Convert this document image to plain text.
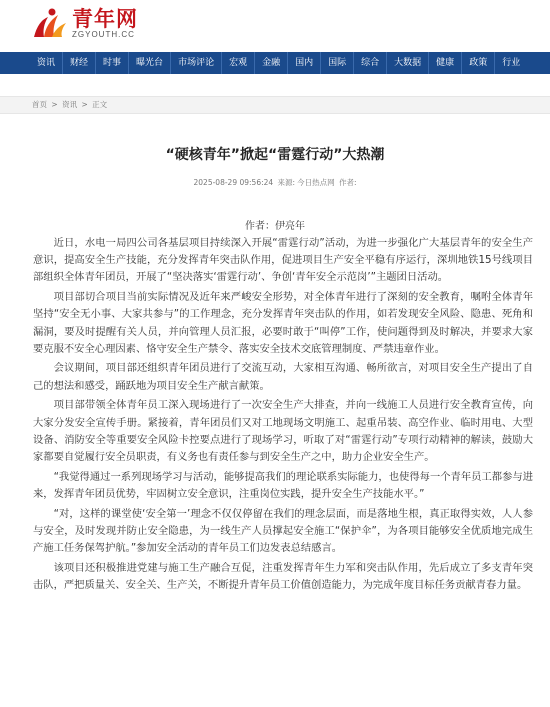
青年网
ZGYOUTH.CC
资讯	财经	时事	曝光台	市场评论	宏观	金融	国内	国际	综合	大数据	健康	政策	行业
首页 > 资讯 > 正文
“硬核青年”掀起“雷霆行动”大热潮
2025-08-29 09:56:24 来源: 今日热点网 作者:
作者：伊亮年

近日，水电一局四公司各基层项目持续深入开展“雷霆行动”活动，为进一步强化广大基层青年的安全生产意识，提高安全生产技能，充分发挥青年突击队作用，促进项目生产安全平稳有序运行，深圳地铁15号线项目部组织全体青年团员，开展了“坚决落实‘雷霆行动’、争创‘青年安全示范岗’”主题团日活动。

项目部切合项目当前实际情况及近年来严峻安全形势，对全体青年进行了深刻的安全教育，嘱咐全体青年坚持“安全无小事、大家共参与”的工作理念，充分发挥青年突击队的作用，如若发现安全风险、隐患、死角和漏洞，要及时提醒有关人员，并向管理人员汇报，必要时敢于“叫停”工作，使问题得到及时解决，并要求大家要克服不安全心理因素、恪守安全生产禁令、落实安全技术交底管理制度、严禁违章作业。

会议期间，项目部还组织青年团员进行了交流互动，大家相互沟通、畅所欲言，对项目安全生产提出了自己的想法和感受，踊跃地为项目安全生产献言献策。

项目部带领全体青年员工深入现场进行了一次安全生产大排查，并向一线施工人员进行安全教育宣传，向大家分发安全宣传手册。紧接着，青年团员们又对工地现场文明施工、起重吊装、高空作业、临时用电、大型设备、消防安全等重要安全风险卡控要点进行了现场学习，听取了对“雷霆行动”专项行动精神的解读，鼓励大家都要自觉履行安全员职责，有义务也有责任参与到安全生产之中，助力企业安全生产。

“我觉得通过一系列现场学习与活动，能够提高我们的理论联系实际能力，也使得每一个青年员工都参与进来，发挥青年团员优势，牢固树立安全意识，注重岗位实践，提升安全生产技能水平。”

“对，这样的课堂使‘安全第一’理念不仅仅停留在我们的理念层面，而是落地生根，真正取得实效，人人参与安全，及时发现并防止安全隐患，为一线生产人员撑起安全施工“保护伞”，为各项目能够安全优质地完成生产施工任务保驾护航。”参加安全活动的青年员工们边发表总结感言。

该项目还积极推进党建与施工生产融合互促，注重发挥青年生力军和突击队作用，先后成立了多支青年突击队，严把质量关、安全关、生产关，不断提升青年员工价值创造能力，为完成年度目标任务贡献青春力量。
